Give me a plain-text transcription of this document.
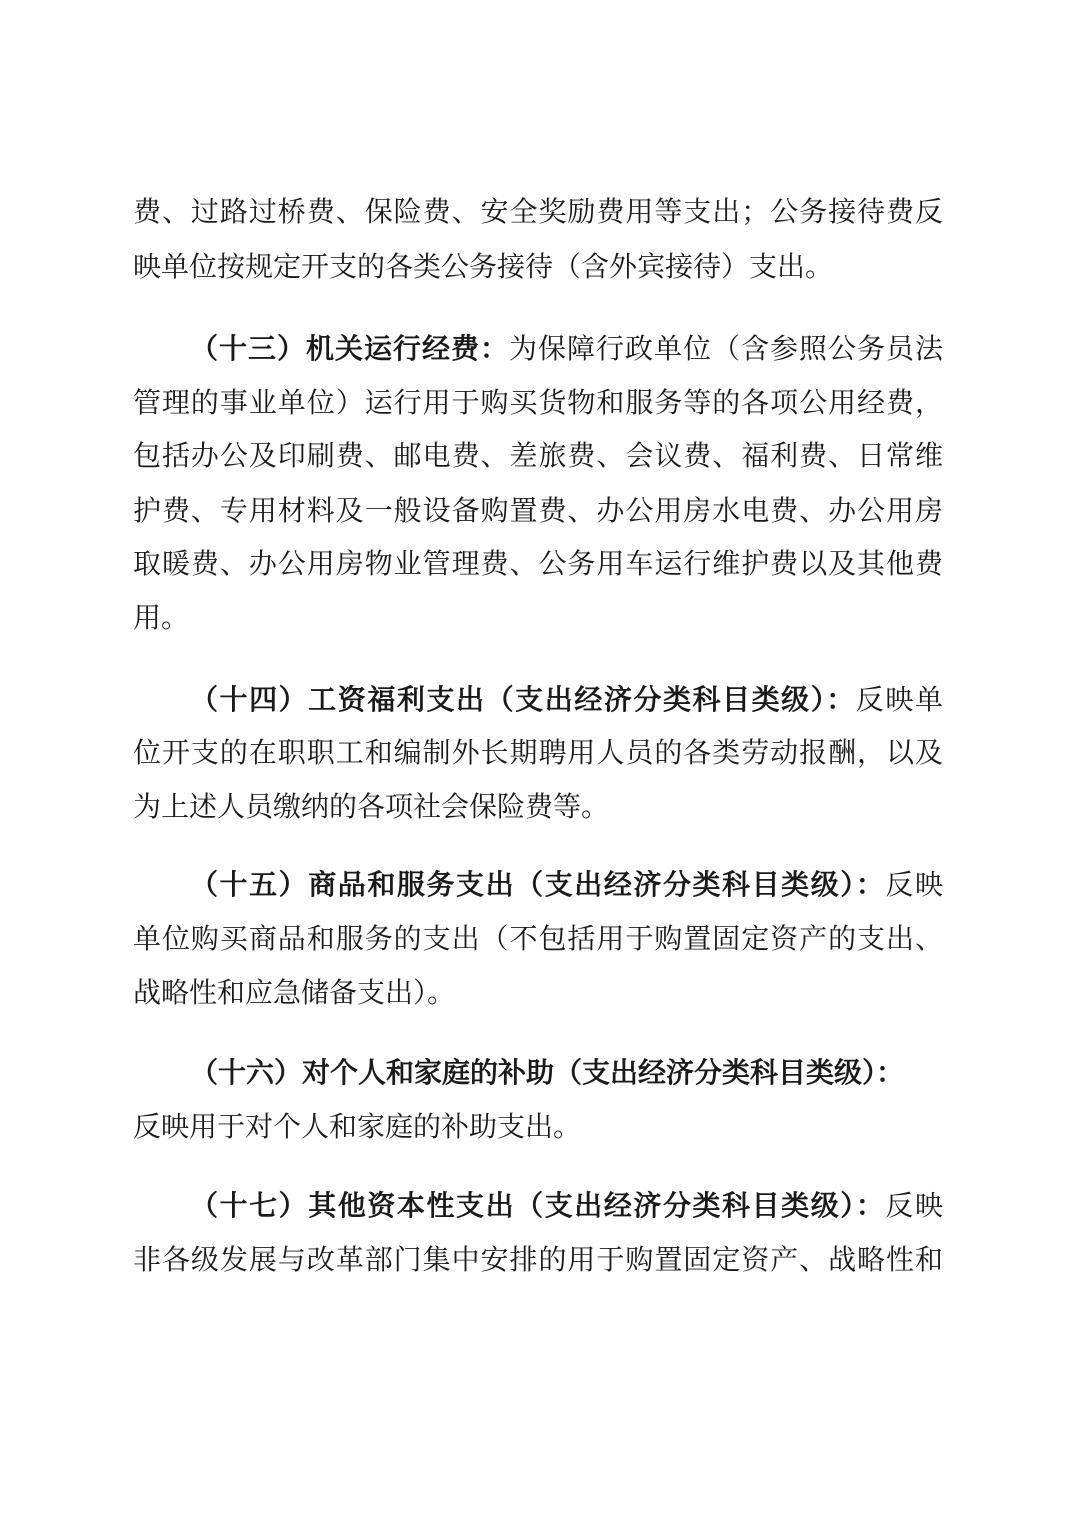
费、过路过桥费、保险费、安全奖励费用等支出；公务接待费反
映单位按规定开支的各类公务接待（含外宾接待）支出。
（十三）机关运行经费：为保障行政单位（含参照公务员法
管理的事业单位）运行用于购买货物和服务等的各项公用经费，
包括办公及印刷费、邮电费、差旅费、会议费、福利费、日常维
护费、专用材料及一般设备购置费、办公用房水电费、办公用房
取暖费、办公用房物业管理费、公务用车运行维护费以及其他费
用。
（十四）工资福利支出（支出经济分类科目类级）：反映单
位开支的在职职工和编制外长期聘用人员的各类劳动报酬，以及
为上述人员缴纳的各项社会保险费等。
（十五）商品和服务支出（支出经济分类科目类级）：反映
单位购买商品和服务的支出（不包括用于购置固定资产的支出、
战略性和应急储备支出）。
（十六）对个人和家庭的补助（支出经济分类科目类级）：
反映用于对个人和家庭的补助支出。
（十七）其他资本性支出（支出经济分类科目类级）：反映
非各级发展与改革部门集中安排的用于购置固定资产、战略性和
